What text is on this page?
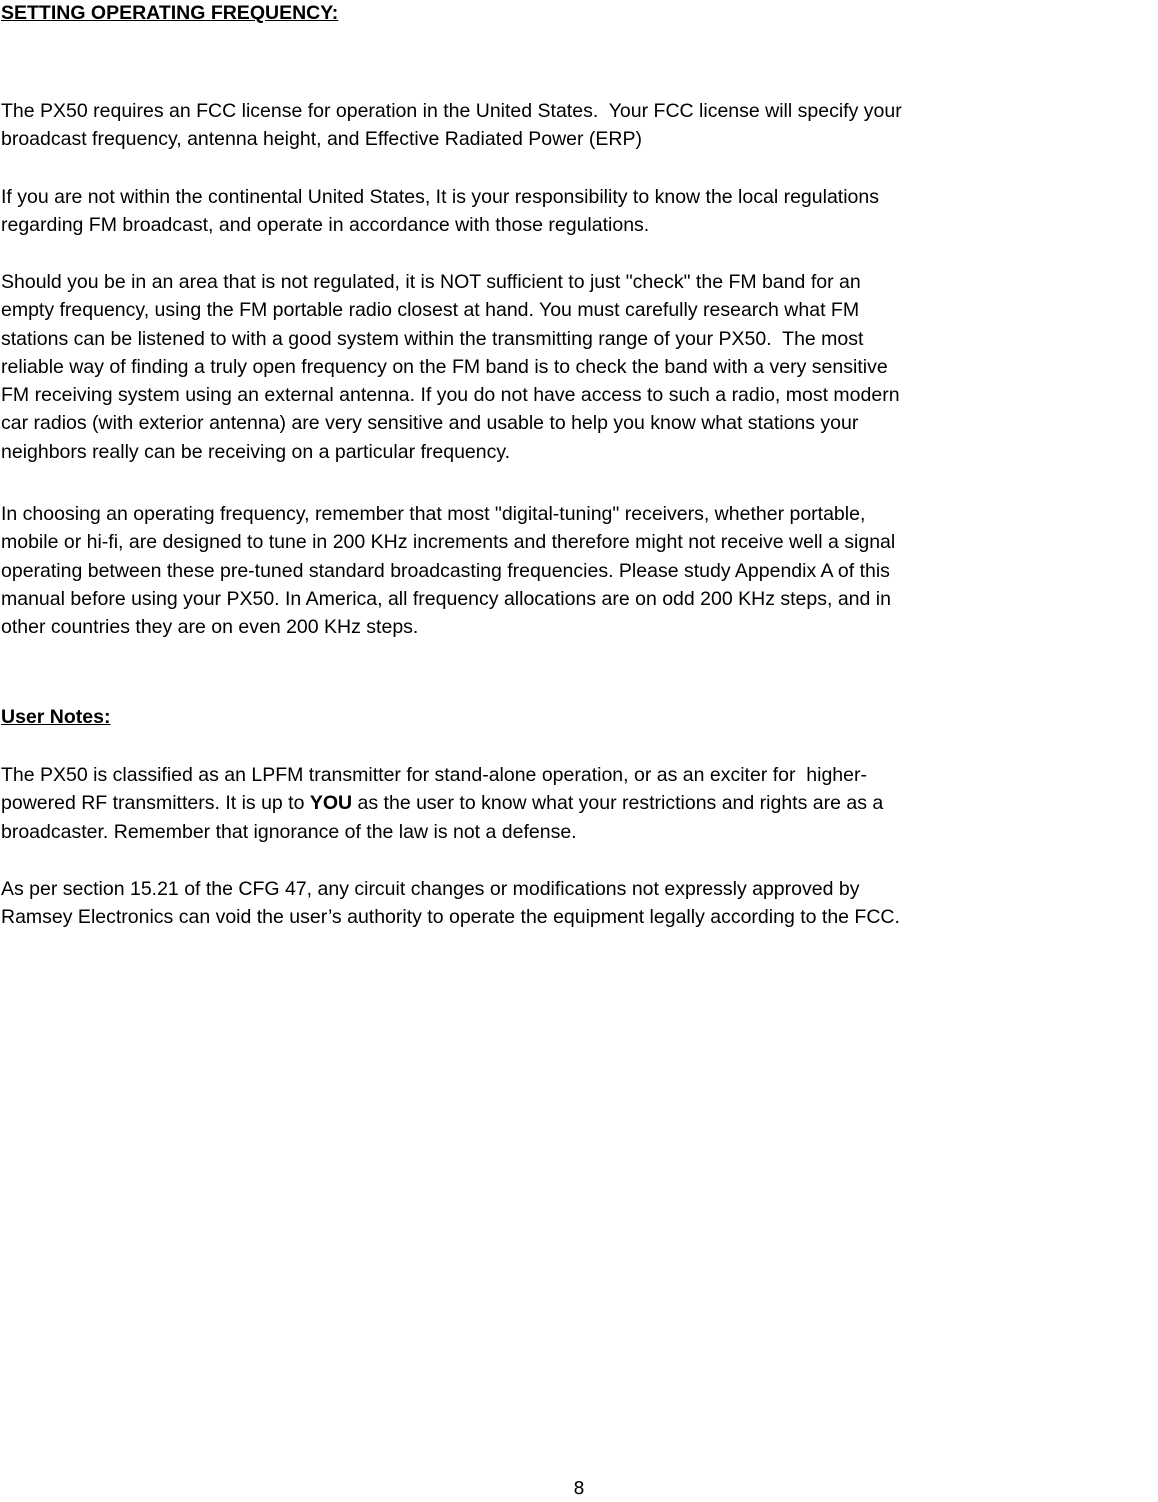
SETTING OPERATING FREQUENCY:

The PX50 requires an FCC license for operation in the United States.  Your FCC license will specify your
broadcast frequency, antenna height, and Effective Radiated Power (ERP)

If you are not within the continental United States, It is your responsibility to know the local regulations
regarding FM broadcast, and operate in accordance with those regulations.

Should you be in an area that is not regulated, it is NOT sufficient to just "check" the FM band for an
empty frequency, using the FM portable radio closest at hand. You must carefully research what FM
stations can be listened to with a good system within the transmitting range of your PX50.  The most
reliable way of finding a truly open frequency on the FM band is to check the band with a very sensitive
FM receiving system using an external antenna. If you do not have access to such a radio, most modern
car radios (with exterior antenna) are very sensitive and usable to help you know what stations your
neighbors really can be receiving on a particular frequency.

In choosing an operating frequency, remember that most "digital-tuning" receivers, whether portable,
mobile or hi-fi, are designed to tune in 200 KHz increments and therefore might not receive well a signal
operating between these pre-tuned standard broadcasting frequencies. Please study Appendix A of this
manual before using your PX50. In America, all frequency allocations are on odd 200 KHz steps, and in
other countries they are on even 200 KHz steps.

User Notes:

The PX50 is classified as an LPFM transmitter for stand-alone operation, or as an exciter for  higher-
powered RF transmitters. It is up to YOU as the user to know what your restrictions and rights are as a
broadcaster. Remember that ignorance of the law is not a defense.

As per section 15.21 of the CFG 47, any circuit changes or modifications not expressly approved by
Ramsey Electronics can void the user’s authority to operate the equipment legally according to the FCC.

8
